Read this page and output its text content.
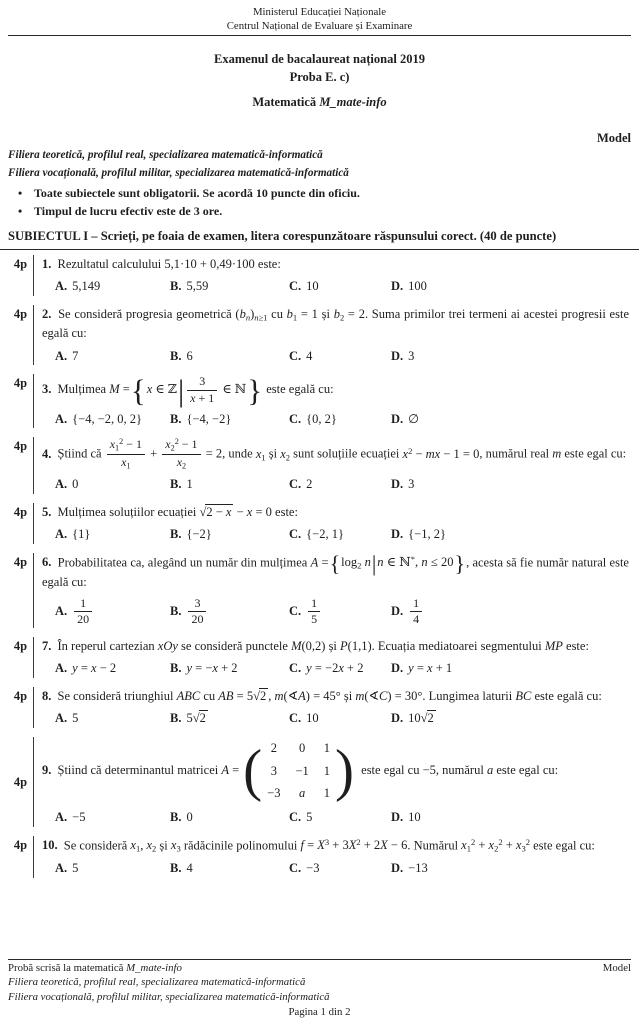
Ministerul Educației Naționale
Centrul Național de Evaluare și Examinare
Examenul de bacalaureat național 2019
Proba E. c)
Matematică M_mate-info
Model
Filiera teoretică, profilul real, specializarea matematică-informatică
Filiera vocațională, profilul militar, specializarea matematică-informatică
• Toate subiectele sunt obligatorii. Se acordă 10 puncte din oficiu.
• Timpul de lucru efectiv este de 3 ore.
SUBIECTUL I – Scrieți, pe foaia de examen, litera corespunzătoare răspunsului corect. (40 de puncte)
4p	1. Rezultatul calculului 5,1·10 + 0,49·100 este:
A. 5,149	B. 5,59	C. 10	D. 100
4p	2. Se consideră progresia geometrică $(b_n)_{n\ge 1}$ cu $b_1 = 1$ și $b_2 = 2$. Suma primilor trei termeni ai acestei progresii este egală cu:
A. 7	B. 6	C. 4	D. 3
4p	3. Mulțimea M ={x ∈ ℤ| $\frac{3}{x + 1}$ ∈ ℕ} este egală cu:
A. {−4, −2, 0, 2}	B. {−4, −2}	C. {0, 2}	D. ∅
4p
4. Știind că $\frac{x_1^2 - 1}{x_1} + \frac{x_2^2 - 1}{x_2} = 2$, unde $x_1$ și $x_2$ sunt soluțiile ecuației $x^2$ − mx − 1 = 0, numărul real m este egal cu:
A. 0	B. 1	C. 2	D. 3
4p	5. Mulțimea soluțiilor ecuației √2 − x − x = 0 este:
A. {1}	B. {−2}	C. {−2, 1}	D. {−1, 2}
4p	6. Probabilitatea ca, alegând un număr din mulțimea $A =\{\log_2$ n|n ∈ ℕ*, n ≤ 20}, acesta să fie număr natural este egală cu:
A. $\frac{1}{20}$	B. $\frac{3}{20}$	C. $\frac{1}{5}$	D. $\frac{1}{4}$
4p	7. În reperul cartezian xOy se consideră punctele M(0,2) și P(1,1). Ecuația mediatoarei segmentului MP este:
A. y = x − 2	B. y = −x + 2	C. y = −2x + 2	D. y = x + 1
4p	8. Se consideră triunghiul ABC cu AB = 5√2 , m(∢A) = 45° și m(∢C) = 30°. Lungimea laturii BC este egală cu:
A. 5	B. 5√2	C. 10	D. 10√2
4p
9. Știind că determinantul matricei A = ( 2 0 1
3 −1 1
−3 a 1 ) este egal cu −5, numărul a este egal cu:
A. −5	B. 0	C. 5	D. 10
4p	10. Se consideră $x_1$, $x_2$ și $x_3$ rădăcinile polinomului $f = X^3 + 3X^2 + 2X - 6$. Numărul $x_1^2 + x_2^2 + x_3^2$ este egal cu:
A. 5	B. 4	C. −3	D. −13
Probă scrisă la matematică M_mate-info	Model
Filiera teoretică, profilul real, specializarea matematică-informatică
Filiera vocațională, profilul militar, specializarea matematică-informatică
Pagina 1 din 2
